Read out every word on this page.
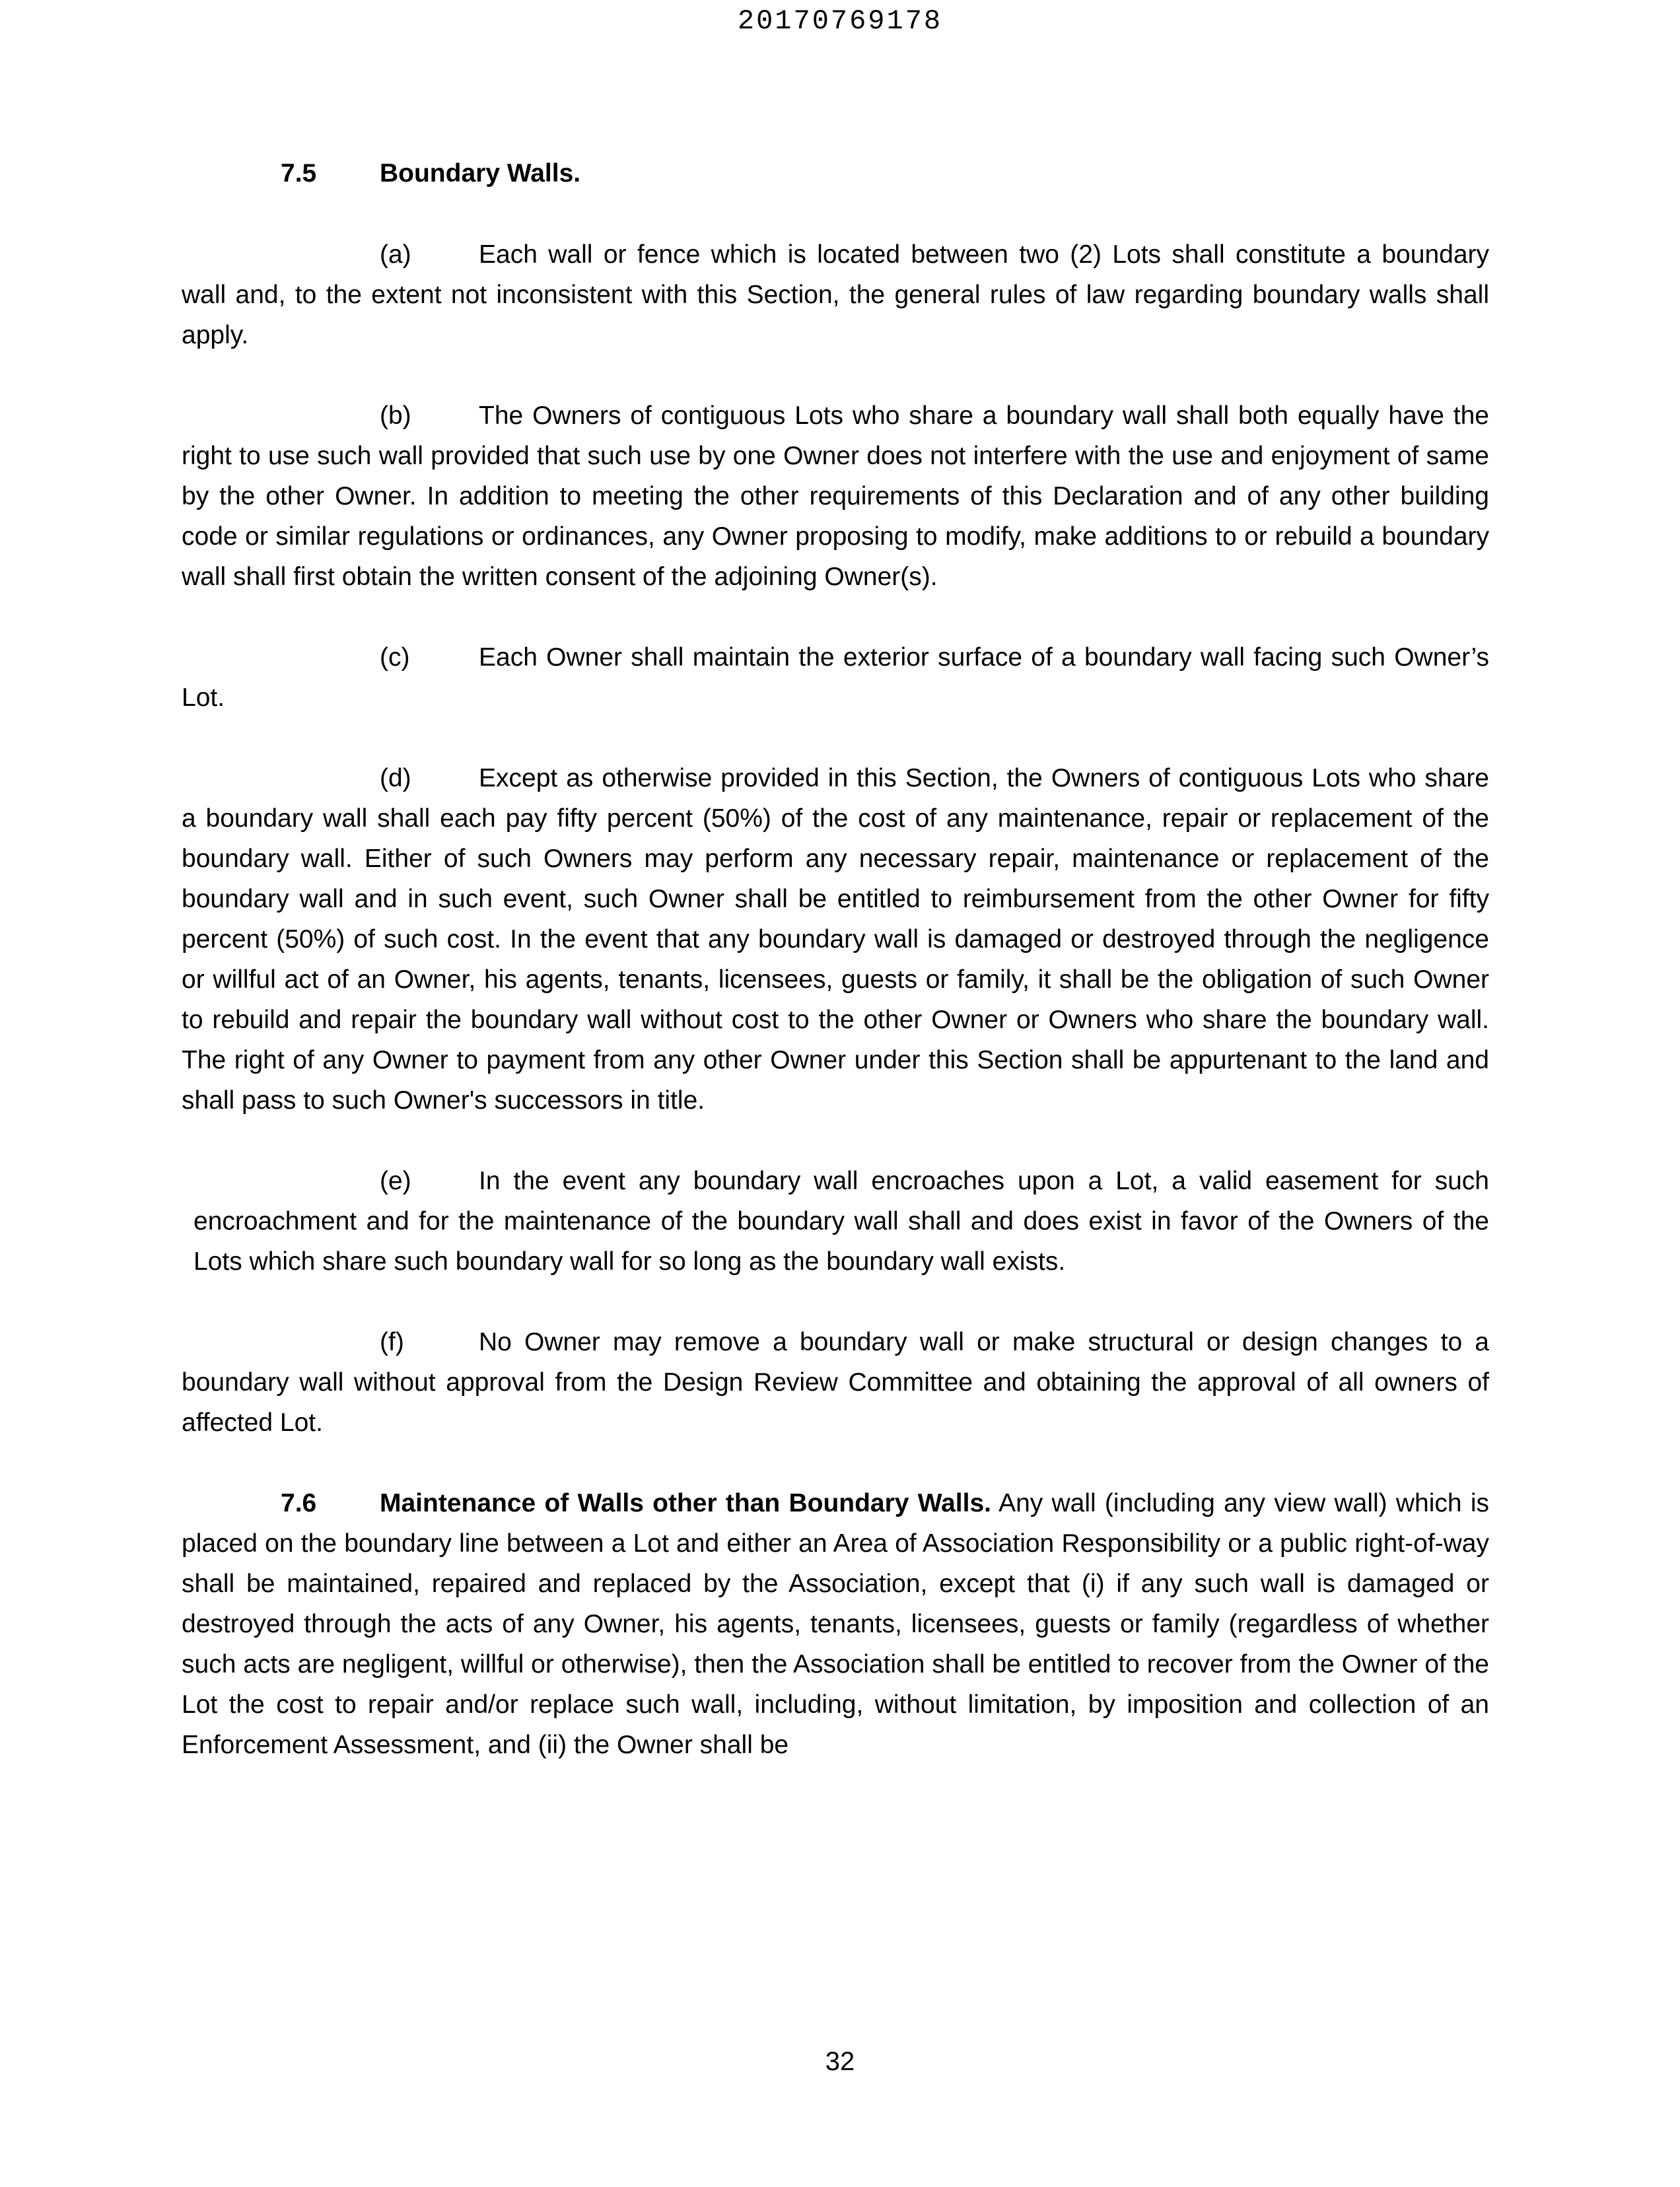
20170769178
7.5 Boundary Walls.

(a)	Each wall or fence which is located between two (2) Lots shall constitute a boundary wall and, to the extent not inconsistent with this Section, the general rules of law regarding boundary walls shall apply.

(b)	The Owners of contiguous Lots who share a boundary wall shall both equally have the right to use such wall provided that such use by one Owner does not interfere with the use and enjoyment of same by the other Owner. In addition to meeting the other requirements of this Declaration and of any other building code or similar regulations or ordinances, any Owner proposing to modify, make additions to or rebuild a boundary wall shall first obtain the written consent of the adjoining Owner(s).

(c)	Each Owner shall maintain the exterior surface of a boundary wall facing such Owner’s Lot.

(d)	Except as otherwise provided in this Section, the Owners of contiguous Lots who share a boundary wall shall each pay fifty percent (50%) of the cost of any maintenance, repair or replacement of the boundary wall. Either of such Owners may perform any necessary repair, maintenance or replacement of the boundary wall and in such event, such Owner shall be entitled to reimbursement from the other Owner for fifty percent (50%) of such cost. In the event that any boundary wall is damaged or destroyed through the negligence or willful act of an Owner, his agents, tenants, licensees, guests or family, it shall be the obligation of such Owner to rebuild and repair the boundary wall without cost to the other Owner or Owners who share the boundary wall. The right of any Owner to payment from any other Owner under this Section shall be appurtenant to the land and shall pass to such Owner's successors in title.

(e)	In the event any boundary wall encroaches upon a Lot, a valid easement for such encroachment and for the maintenance of the boundary wall shall and does exist in favor of the Owners of the Lots which share such boundary wall for so long as the boundary wall exists.

(f)	No Owner may remove a boundary wall or make structural or design changes to a boundary wall without approval from the Design Review Committee and obtaining the approval of all owners of affected Lot.

7.6 Maintenance of Walls other than Boundary Walls. Any wall (including any view wall) which is placed on the boundary line between a Lot and either an Area of Association Responsibility or a public right-of-way shall be maintained, repaired and replaced by the Association, except that (i) if any such wall is damaged or destroyed through the acts of any Owner, his agents, tenants, licensees, guests or family (regardless of whether such acts are negligent, willful or otherwise), then the Association shall be entitled to recover from the Owner of the Lot the cost to repair and/or replace such wall, including, without limitation, by imposition and collection of an Enforcement Assessment, and (ii) the Owner shall be

32
